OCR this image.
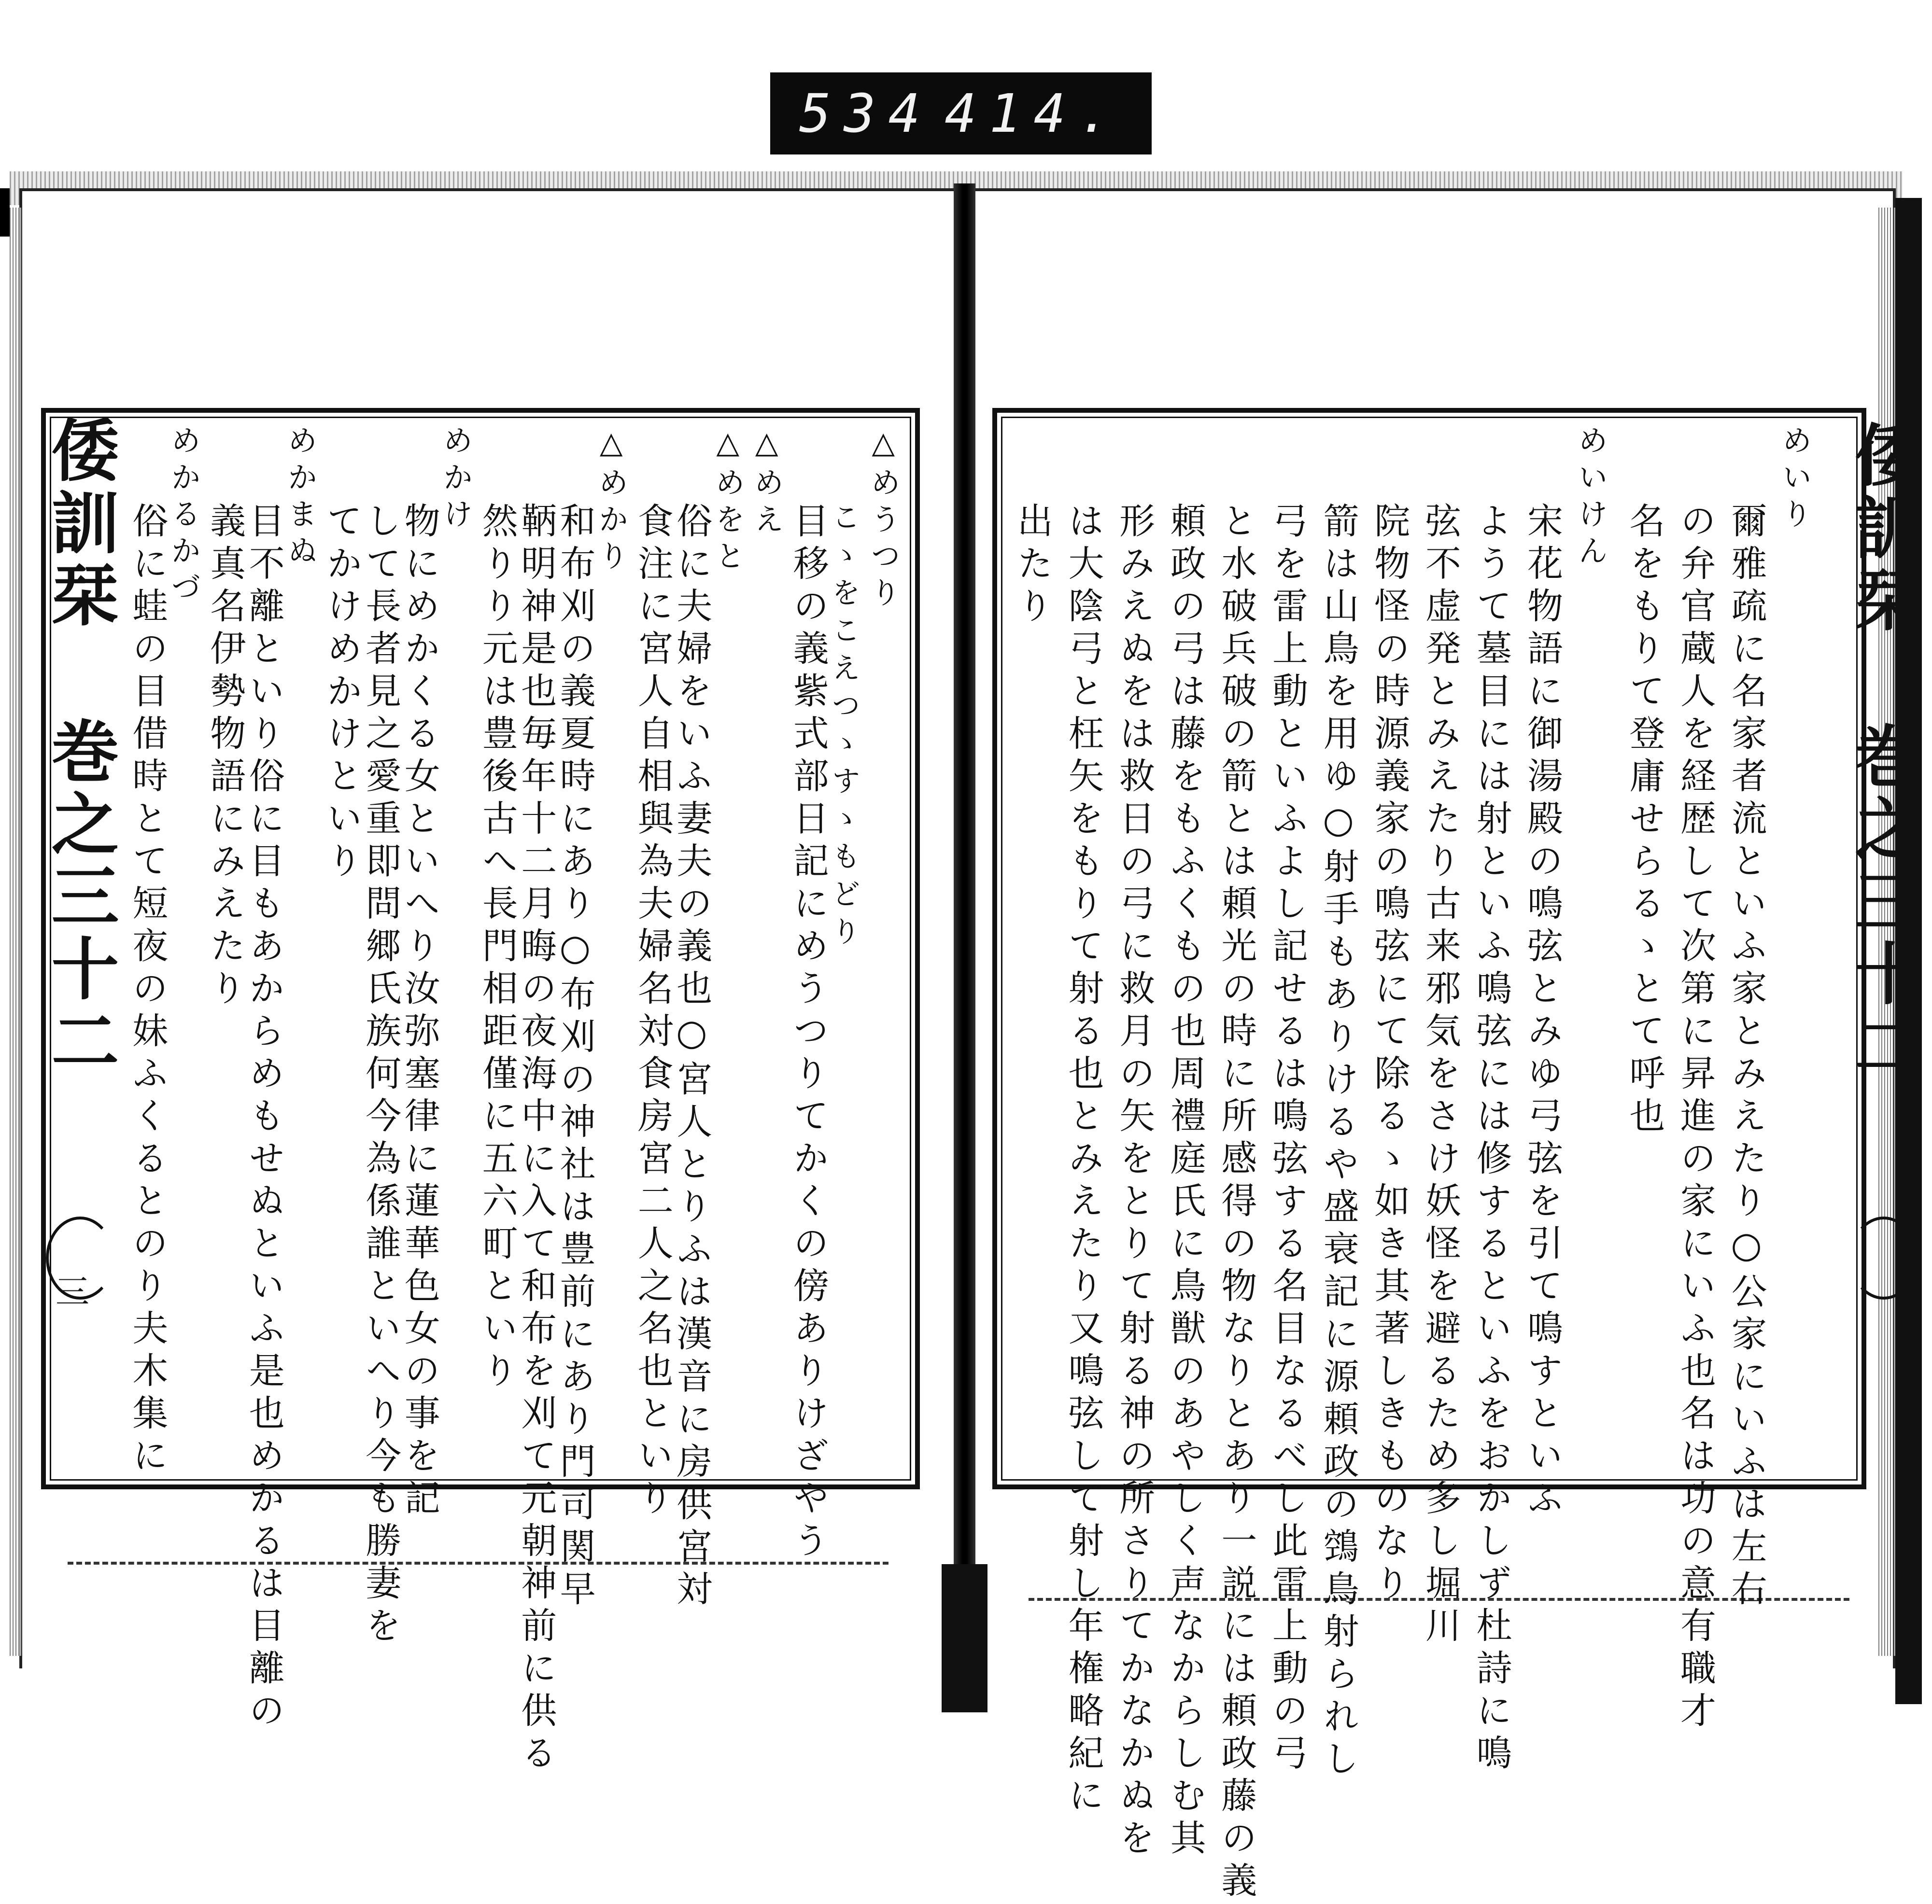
534 414.
倭訓栞 巻之三十二	倭訓栞 巻之三十二
三
めいり
爾雅疏に名家者流といふ家とみえたり○公家にいふは左右
の弁官蔵人を経歴して次第に昇進の家にいふ也名は功の意有職才
名をもりて登庸せらるゝとて呼也
めいけん
宋花物語に御湯殿の鳴弦とみゆ弓弦を引て鳴すといふ
ようて墓目には射といふ鳴弦には修するといふをおかしず杜詩に鳴
弦不虚発とみえたり古来邪気をさけ妖怪を避るため多し堀川
院物怪の時源義家の鳴弦にて除るゝ如き其著しきものなり
箭は山鳥を用ゆ○射手もありけるや盛衰記に源頼政の鵼鳥射られし
弓を雷上動といふよし記せるは鳴弦する名目なるべし此雷上動の弓
と水破兵破の箭とは頼光の時に所感得の物なりとあり一説には頼政藤の義
頼政の弓は藤をもふくもの也周禮庭氏に鳥獣のあやしく声なからしむ其
形みえぬをは救日の弓に救月の矢をとりて射る神の所さりてかなかぬを
は大陰弓と枉矢をもりて射る也とみえたり又鳴弦して射し年権略紀に
出たり
△めうつり
こゝをこえつゝすゝもどり
目移の義紫式部日記にめうつりてかくの傍ありけざやう
△めえ
△めをと
俗に夫婦をいふ妻夫の義也○宮人とりふは漢音に房供宮対
食注に宮人自相與為夫婦名対食房宮二人之名也といり
△めかり
和布刈の義夏時にあり○布刈の神社は豊前にあり門司関早
鞆明神是也毎年十二月晦の夜海中に入て和布を刈て元朝神前に供る
然りり元は豊後古へ長門相距僅に五六町といり
めかけ
物にめかくる女といへり汝弥塞律に蓮華色女の事を記
して長者見之愛重即問郷氏族何今為係誰といへり今も勝妻を
てかけめかけといり
めかまぬ
目不離といり俗に目もあからめもせぬといふ是也めかるは目離の
義真名伊勢物語にみえたり
めかるかづ
俗に蛙の目借時とて短夜の妹ふくるとのり夫木集に
